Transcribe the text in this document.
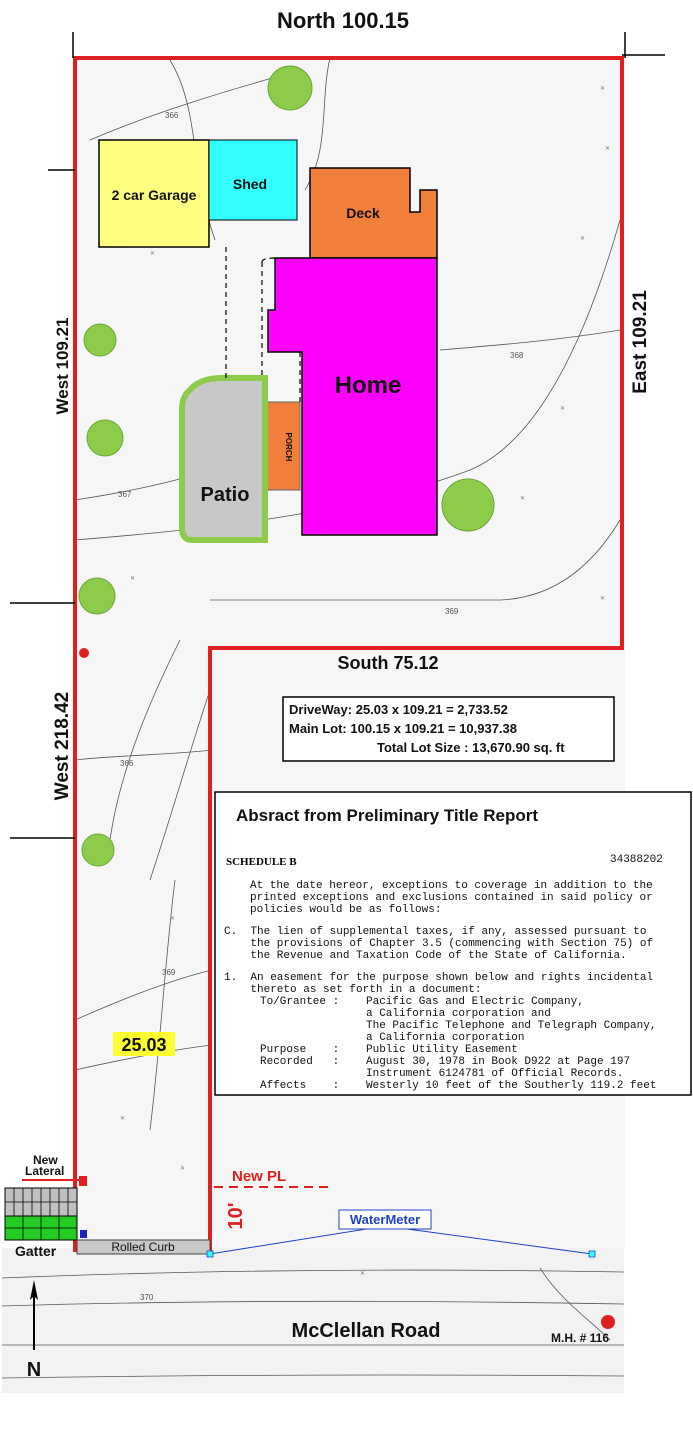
366
368
367
369
366
369
370
✕
✕
✕
✕
✕
✕
✕
✕
✕
✕
✕
✕
2 car Garage
Shed
Deck
Home
PORCH
Patio
North 100.15
East 109.21
West 109.21
West 218.42
South 75.12
25.03
DriveWay: 25.03 x 109.21 = 2,733.52
Main Lot: 100.15 x 109.21 = 10,937.38
Total Lot Size : 13,670.90 sq. ft
Absract from Preliminary Title Report
SCHEDULE B	34388202
At the date hereor, exceptions to coverage in addition to the
printed exceptions and exclusions contained in said policy or
policies would be as follows:
C.  The lien of supplemental taxes, if any, assessed pursuant to
the provisions of Chapter 3.5 (commencing with Section 75) of
the Revenue and Taxation Code of the State of California.
1.  An easement for the purpose shown below and rights incidental
thereto as set forth in a document:
To/Grantee : Pacific Gas and Electric Company,
a California corporation and
The Pacific Telephone and Telegraph Company,
a California corporation
Purpose    : Public Utility Easement
Recorded   : August 30, 1978 in Book D922 at Page 197
Instrument 6124781 of Official Records.
Affects    : Westerly 10 feet of the Southerly 119.2 feet
New
Lateral
Gatter	Rolled Curb
New PL
10'	WaterMeter
McClellan Road	M.H. # 116
N
